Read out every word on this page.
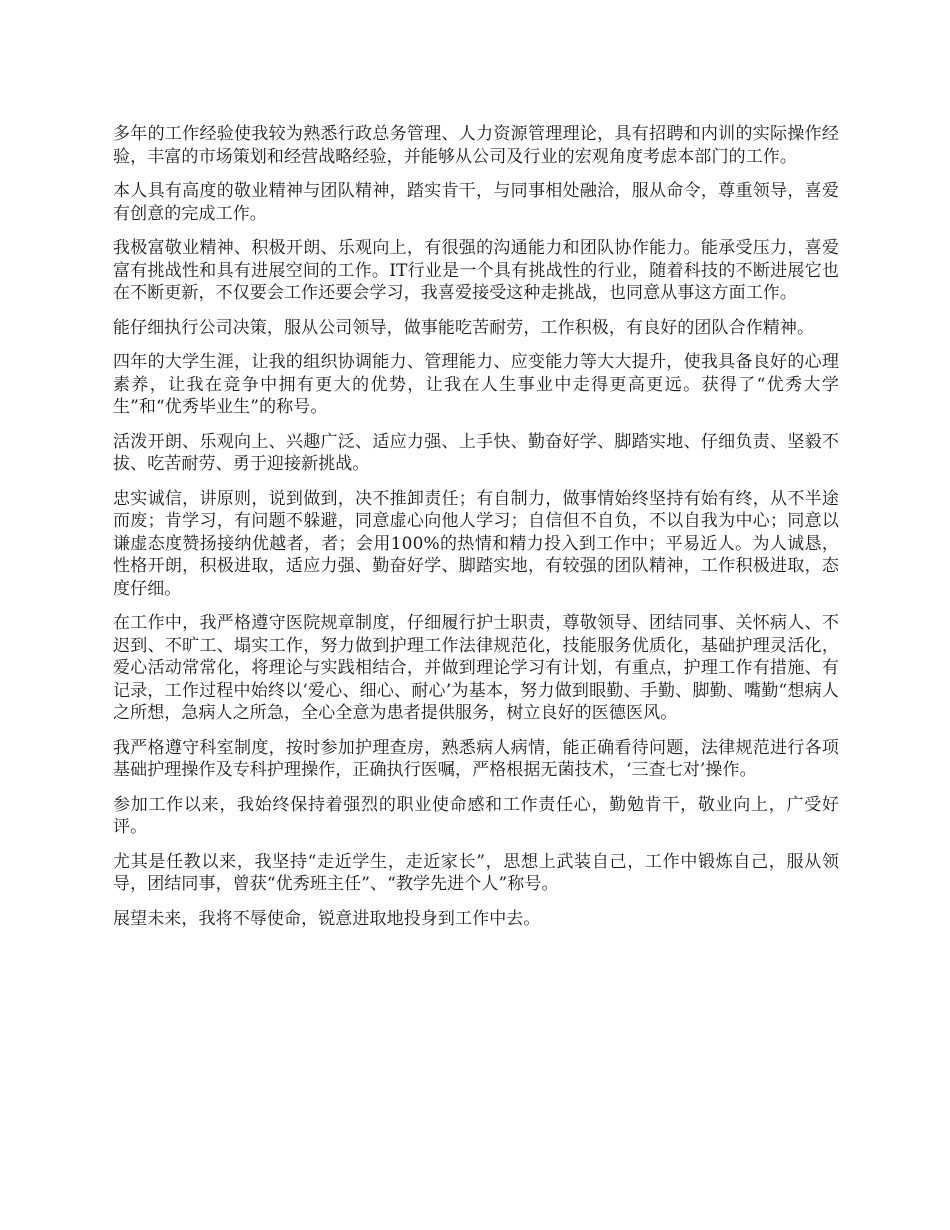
多年的工作经验使我较为熟悉行政总务管理、人力资源管理理论，具有招聘和内训的实际操作经验，丰富的市场策划和经营战略经验，并能够从公司及行业的宏观角度考虑本部门的工作。

本人具有高度的敬业精神与团队精神，踏实肯干，与同事相处融洽，服从命令，尊重领导，喜爱有创意的完成工作。

我极富敬业精神、积极开朗、乐观向上，有很强的沟通能力和团队协作能力。能承受压力，喜爱富有挑战性和具有进展空间的工作。IT行业是一个具有挑战性的行业，随着科技的不断进展它也在不断更新，不仅要会工作还要会学习，我喜爱接受这种走挑战，也同意从事这方面工作。

能仔细执行公司决策，服从公司领导，做事能吃苦耐劳，工作积极，有良好的团队合作精神。

四年的大学生涯，让我的组织协调能力、管理能力、应变能力等大大提升，使我具备良好的心理素养，让我在竞争中拥有更大的优势，让我在人生事业中走得更高更远。获得了“优秀大学生”和“优秀毕业生”的称号。

活泼开朗、乐观向上、兴趣广泛、适应力强、上手快、勤奋好学、脚踏实地、仔细负责、坚毅不拔、吃苦耐劳、勇于迎接新挑战。

忠实诚信，讲原则，说到做到，决不推卸责任；有自制力，做事情始终坚持有始有终，从不半途而废；肯学习，有问题不躲避，同意虚心向他人学习；自信但不自负，不以自我为中心；同意以谦虚态度赞扬接纳优越者，者；会用100%的热情和精力投入到工作中；平易近人。为人诚恳，性格开朗，积极进取，适应力强、勤奋好学、脚踏实地，有较强的团队精神，工作积极进取，态度仔细。

在工作中，我严格遵守医院规章制度，仔细履行护士职责，尊敬领导、团结同事、关怀病人、不迟到、不旷工、塌实工作，努力做到护理工作法律规范化，技能服务优质化，基础护理灵活化，爱心活动常常化，将理论与实践相结合，并做到理论学习有计划，有重点，护理工作有措施、有记录，工作过程中始终以‘爱心、细心、耐心’为基本，努力做到眼勤、手勤、脚勤、嘴勤“想病人之所想，急病人之所急，全心全意为患者提供服务，树立良好的医德医风。

我严格遵守科室制度，按时参加护理查房，熟悉病人病情，能正确看待问题，法律规范进行各项基础护理操作及专科护理操作，正确执行医嘱，严格根据无菌技术，‘三查七对’操作。

参加工作以来，我始终保持着强烈的职业使命感和工作责任心，勤勉肯干，敬业向上，广受好评。

尤其是任教以来，我坚持“走近学生，走近家长”，思想上武装自己，工作中锻炼自己，服从领导，团结同事，曾获“优秀班主任”、“教学先进个人”称号。

展望未来，我将不辱使命，锐意进取地投身到工作中去。
